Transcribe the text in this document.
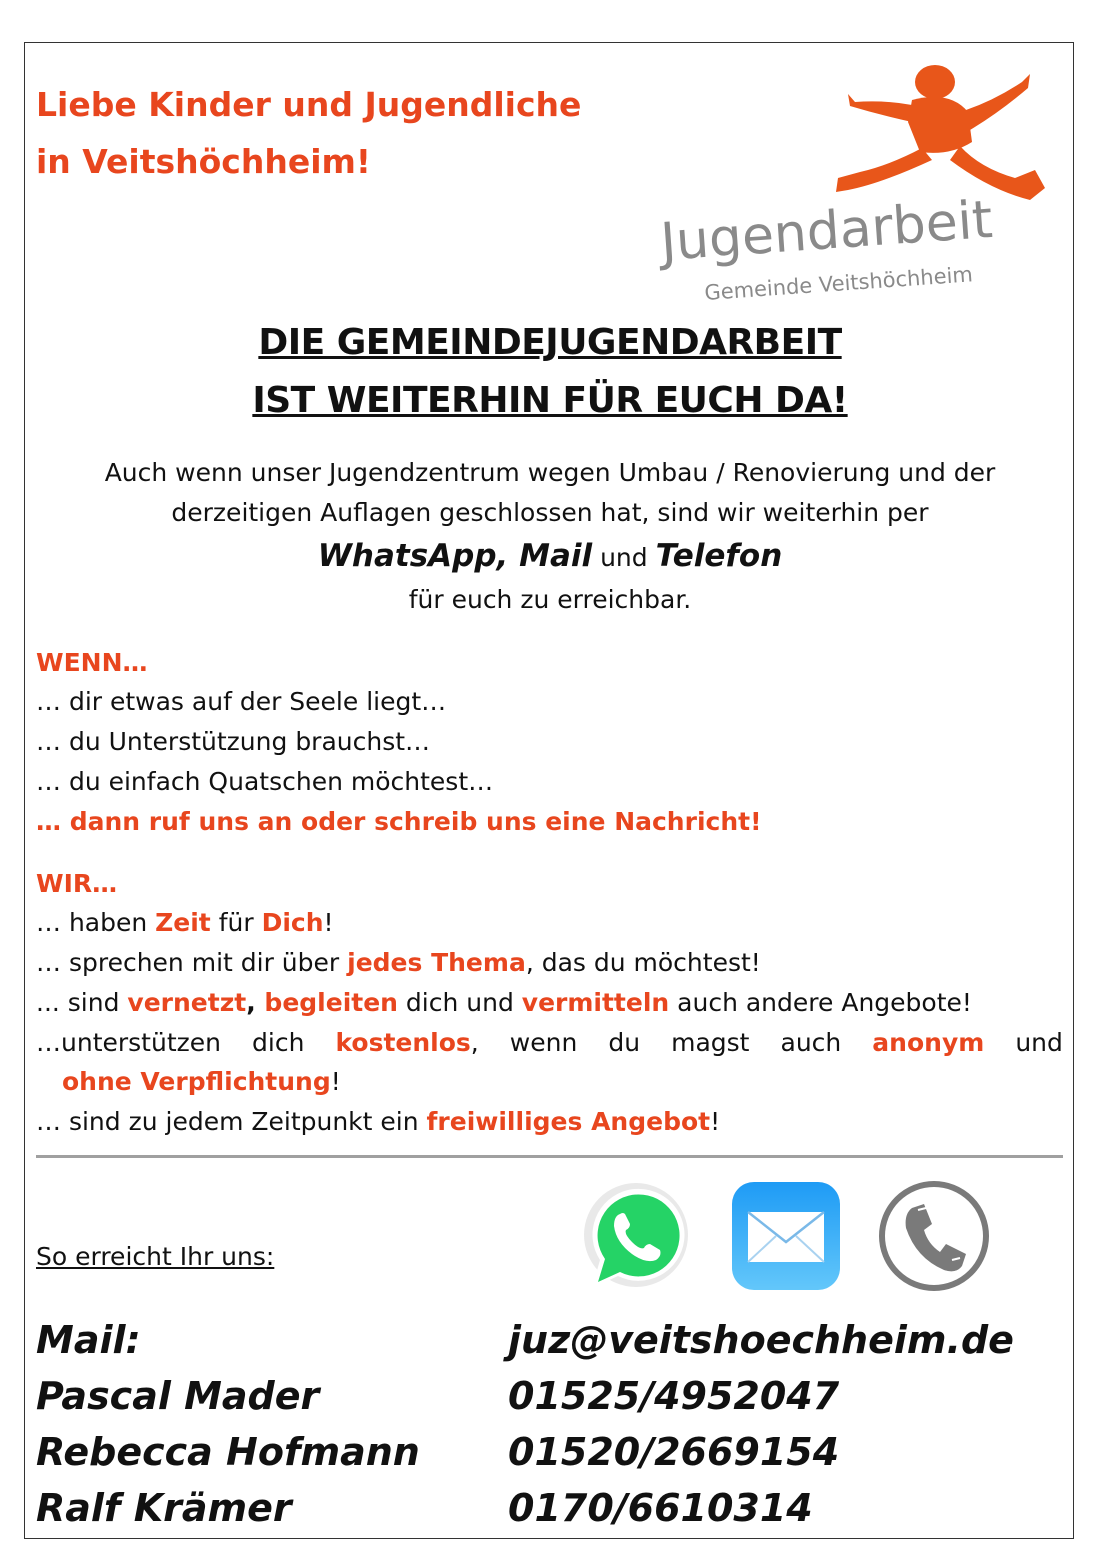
Liebe Kinder und Jugendliche
in Veitshöchheim!
Jugendarbeit
Gemeinde Veitshöchheim
DIE GEMEINDEJUGENDARBEIT
IST WEITERHIN FÜR EUCH DA!
Auch wenn unser Jugendzentrum wegen Umbau / Renovierung und der
derzeitigen Auflagen geschlossen hat, sind wir weiterhin per
WhatsApp, Mail und Telefon
für euch zu erreichbar.
WENN…
… dir etwas auf der Seele liegt…
… du Unterstützung brauchst…
… du einfach Quatschen möchtest…
… dann ruf uns an oder schreib uns eine Nachricht!
WIR…
… haben Zeit für Dich!
… sprechen mit dir über jedes Thema, das du möchtest!
... sind vernetzt, begleiten dich und vermitteln auch andere Angebote!
…unterstützen dich kostenlos, wenn du magst auch anonym und
ohne Verpflichtung!
… sind zu jedem Zeitpunkt ein freiwilliges Angebot!
So erreicht Ihr uns:
Mail:	juz@veitshoechheim.de
Pascal Mader	01525/4952047
Rebecca Hofmann 01520/2669154
Ralf Krämer	0170/6610314
